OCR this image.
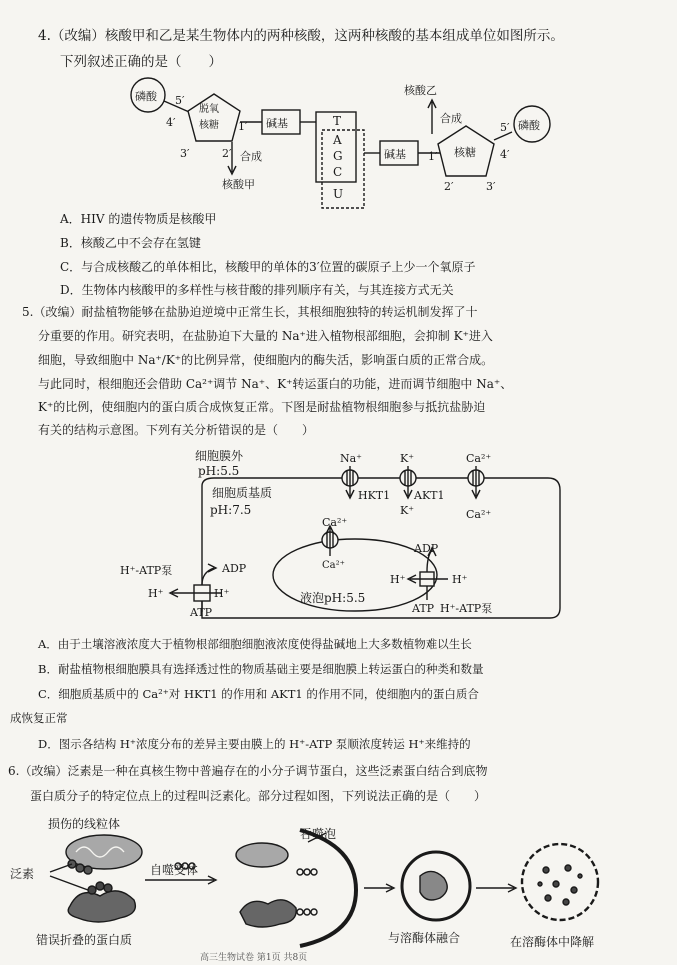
4.（改编）核酸甲和乙是某生物体内的两种核酸，这两种核酸的基本组成单位如图所示。
下列叙述正确的是（　　）
磷酸
脱氧
核糖	碱基
碱基	核糖
磷酸
T
A
G
C
U
5′
4′
3′	2′
1′	5′
4′
3′
2′
1′
合成
核酸甲
合成
核酸乙
A．HIV 的遗传物质是核酸甲
B．核酸乙中不会存在氢键
C．与合成核酸乙的单体相比，核酸甲的单体的3′位置的碳原子上少一个氧原子
D．生物体内核酸甲的多样性与核苷酸的排列顺序有关，与其连接方式无关
5.（改编）耐盐植物能够在盐胁迫逆境中正常生长，其根细胞独特的转运机制发挥了十
分重要的作用。研究表明，在盐胁迫下大量的 Na⁺进入植物根部细胞，会抑制 K⁺进入
细胞，导致细胞中 Na⁺/K⁺的比例异常，使细胞内的酶失活，影响蛋白质的正常合成。
与此同时，根细胞还会借助 Ca²⁺调节 Na⁺、K⁺转运蛋白的功能，进而调节细胞中 Na⁺、
K⁺的比例，使细胞内的蛋白质合成恢复正常。下图是耐盐植物根细胞参与抵抗盐胁迫
有关的结构示意图。下列有关分析错误的是（　　）
细胞膜外
pH:5.5
细胞质基质
pH:7.5
Na⁺	K⁺	Ca²⁺
HKT1 AKT1
K⁺	Ca²⁺
Ca²⁺
Ca²⁺
ADP
H⁺	H⁺
液泡pH:5.5
ATP H⁺-ATP泵
H⁺-ATP泵	ADP
H⁺	H⁺
ATP
A．由于土壤溶液浓度大于植物根部细胞细胞液浓度使得盐碱地上大多数植物难以生长
B．耐盐植物根细胞膜具有选择透过性的物质基础主要是细胞膜上转运蛋白的种类和数量
C．细胞质基质中的 Ca²⁺对 HKT1 的作用和 AKT1 的作用不同，使细胞内的蛋白质合
成恢复正常
D．图示各结构 H⁺浓度分布的差异主要由膜上的 H⁺-ATP 泵顺浓度转运 H⁺来维持的
6.（改编）泛素是一种在真核生物中普遍存在的小分子调节蛋白，这些泛素蛋白结合到底物
蛋白质分子的特定位点上的过程叫泛素化。部分过程如图，下列说法正确的是（　　）
损伤的线粒体
泛素
错误折叠的蛋白质
自噬受体
吞噬泡
与溶酶体融合	在溶酶体中降解
高三生物试卷 第1页 共8页
